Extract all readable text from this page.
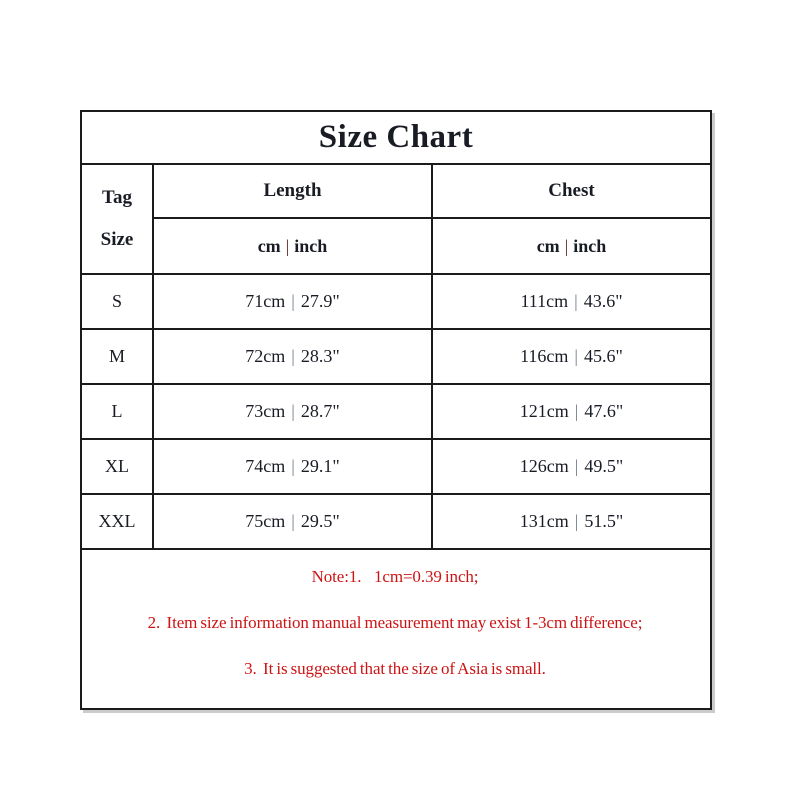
Size Chart		

Tag
Size	Length	Chest
	cm | inch	cm | inch
S	71cm | 27.9"	111cm | 43.6"
M	72cm | 28.3"	116cm | 45.6"
L	73cm | 28.7"	121cm | 47.6"
XL	74cm | 29.1"	126cm | 49.5"
XXL	75cm | 29.5"	131cm | 51.5"

Note:1.    1cm=0.39 inch;

2.  Item size information manual measurement may exist 1-3cm difference;

3.  It is suggested that the size of Asia is small.		
